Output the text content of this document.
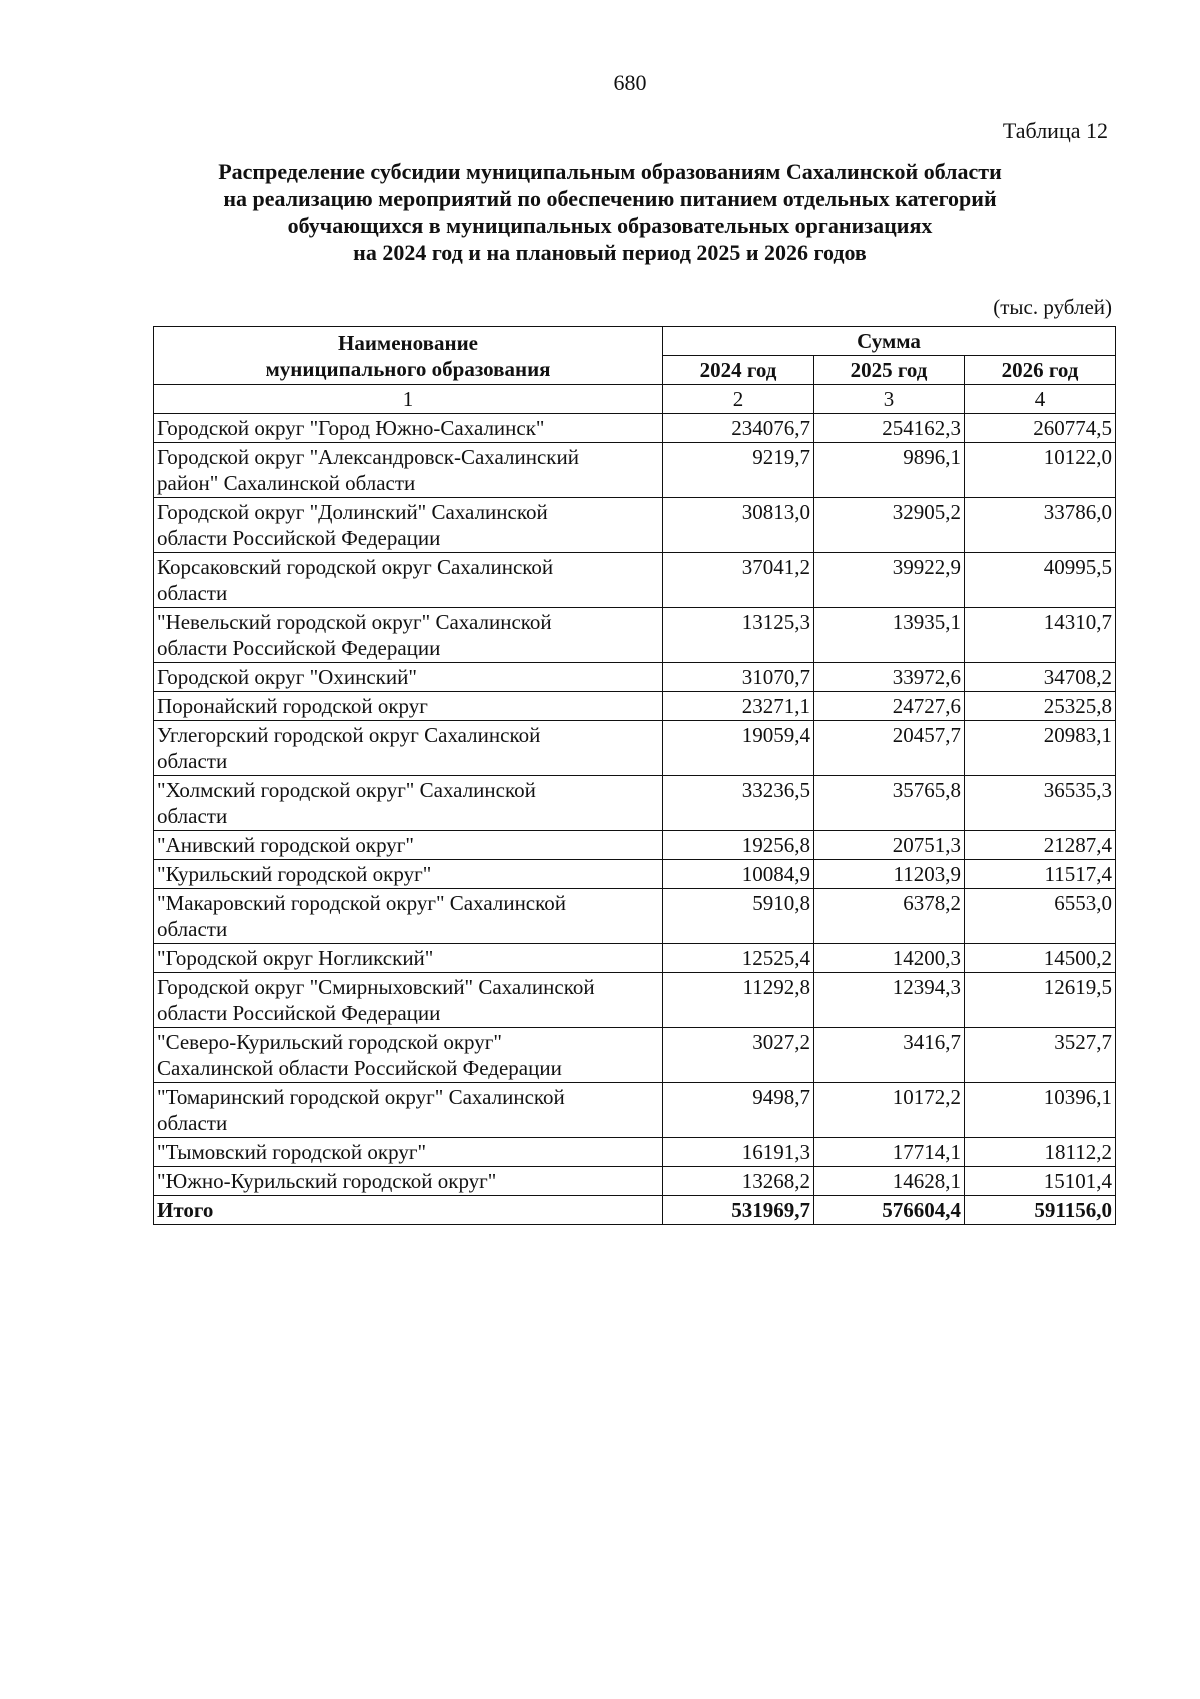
680
Таблица 12
Распределение субсидии муниципальным образованиям Сахалинской области
на реализацию мероприятий по обеспечению питанием отдельных категорий
обучающихся в муниципальных образовательных организациях
на 2024 год и на плановый период 2025 и 2026 годов
(тыс. рублей)
Наименование
муниципального образования	Сумма		
	2024 год	2025 год	2026 год
1	2	3	4

Городской округ "Город Южно-Сахалинск"	234076,7	254162,3	260774,5

Городской округ "Александровск-Сахалинский
район" Сахалинской области	9219,7	9896,1	10122,0

Городской округ "Долинский" Сахалинской
области Российской Федерации	30813,0	32905,2	33786,0

Корсаковский городской округ Сахалинской
области	37041,2	39922,9	40995,5

"Невельский городской округ" Сахалинской
области Российской Федерации	13125,3	13935,1	14310,7

Городской округ "Охинский"	31070,7	33972,6	34708,2

Поронайский городской округ	23271,1	24727,6	25325,8

Углегорский городской округ Сахалинской
области	19059,4	20457,7	20983,1

"Холмский городской округ" Сахалинской
области	33236,5	35765,8	36535,3

"Анивский городской округ"	19256,8	20751,3	21287,4

"Курильский городской округ"	10084,9	11203,9	11517,4

"Макаровский городской округ" Сахалинской
области	5910,8	6378,2	6553,0

"Городской округ Ногликский"	12525,4	14200,3	14500,2

Городской округ "Смирныховский" Сахалинской
области Российской Федерации	11292,8	12394,3	12619,5

"Северо-Курильский городской округ"
Сахалинской области Российской Федерации	3027,2	3416,7	3527,7

"Томаринский городской округ" Сахалинской
области	9498,7	10172,2	10396,1

"Тымовский городской округ"	16191,3	17714,1	18112,2

"Южно-Курильский городской округ"	13268,2	14628,1	15101,4
Итого	531969,7	576604,4	591156,0
